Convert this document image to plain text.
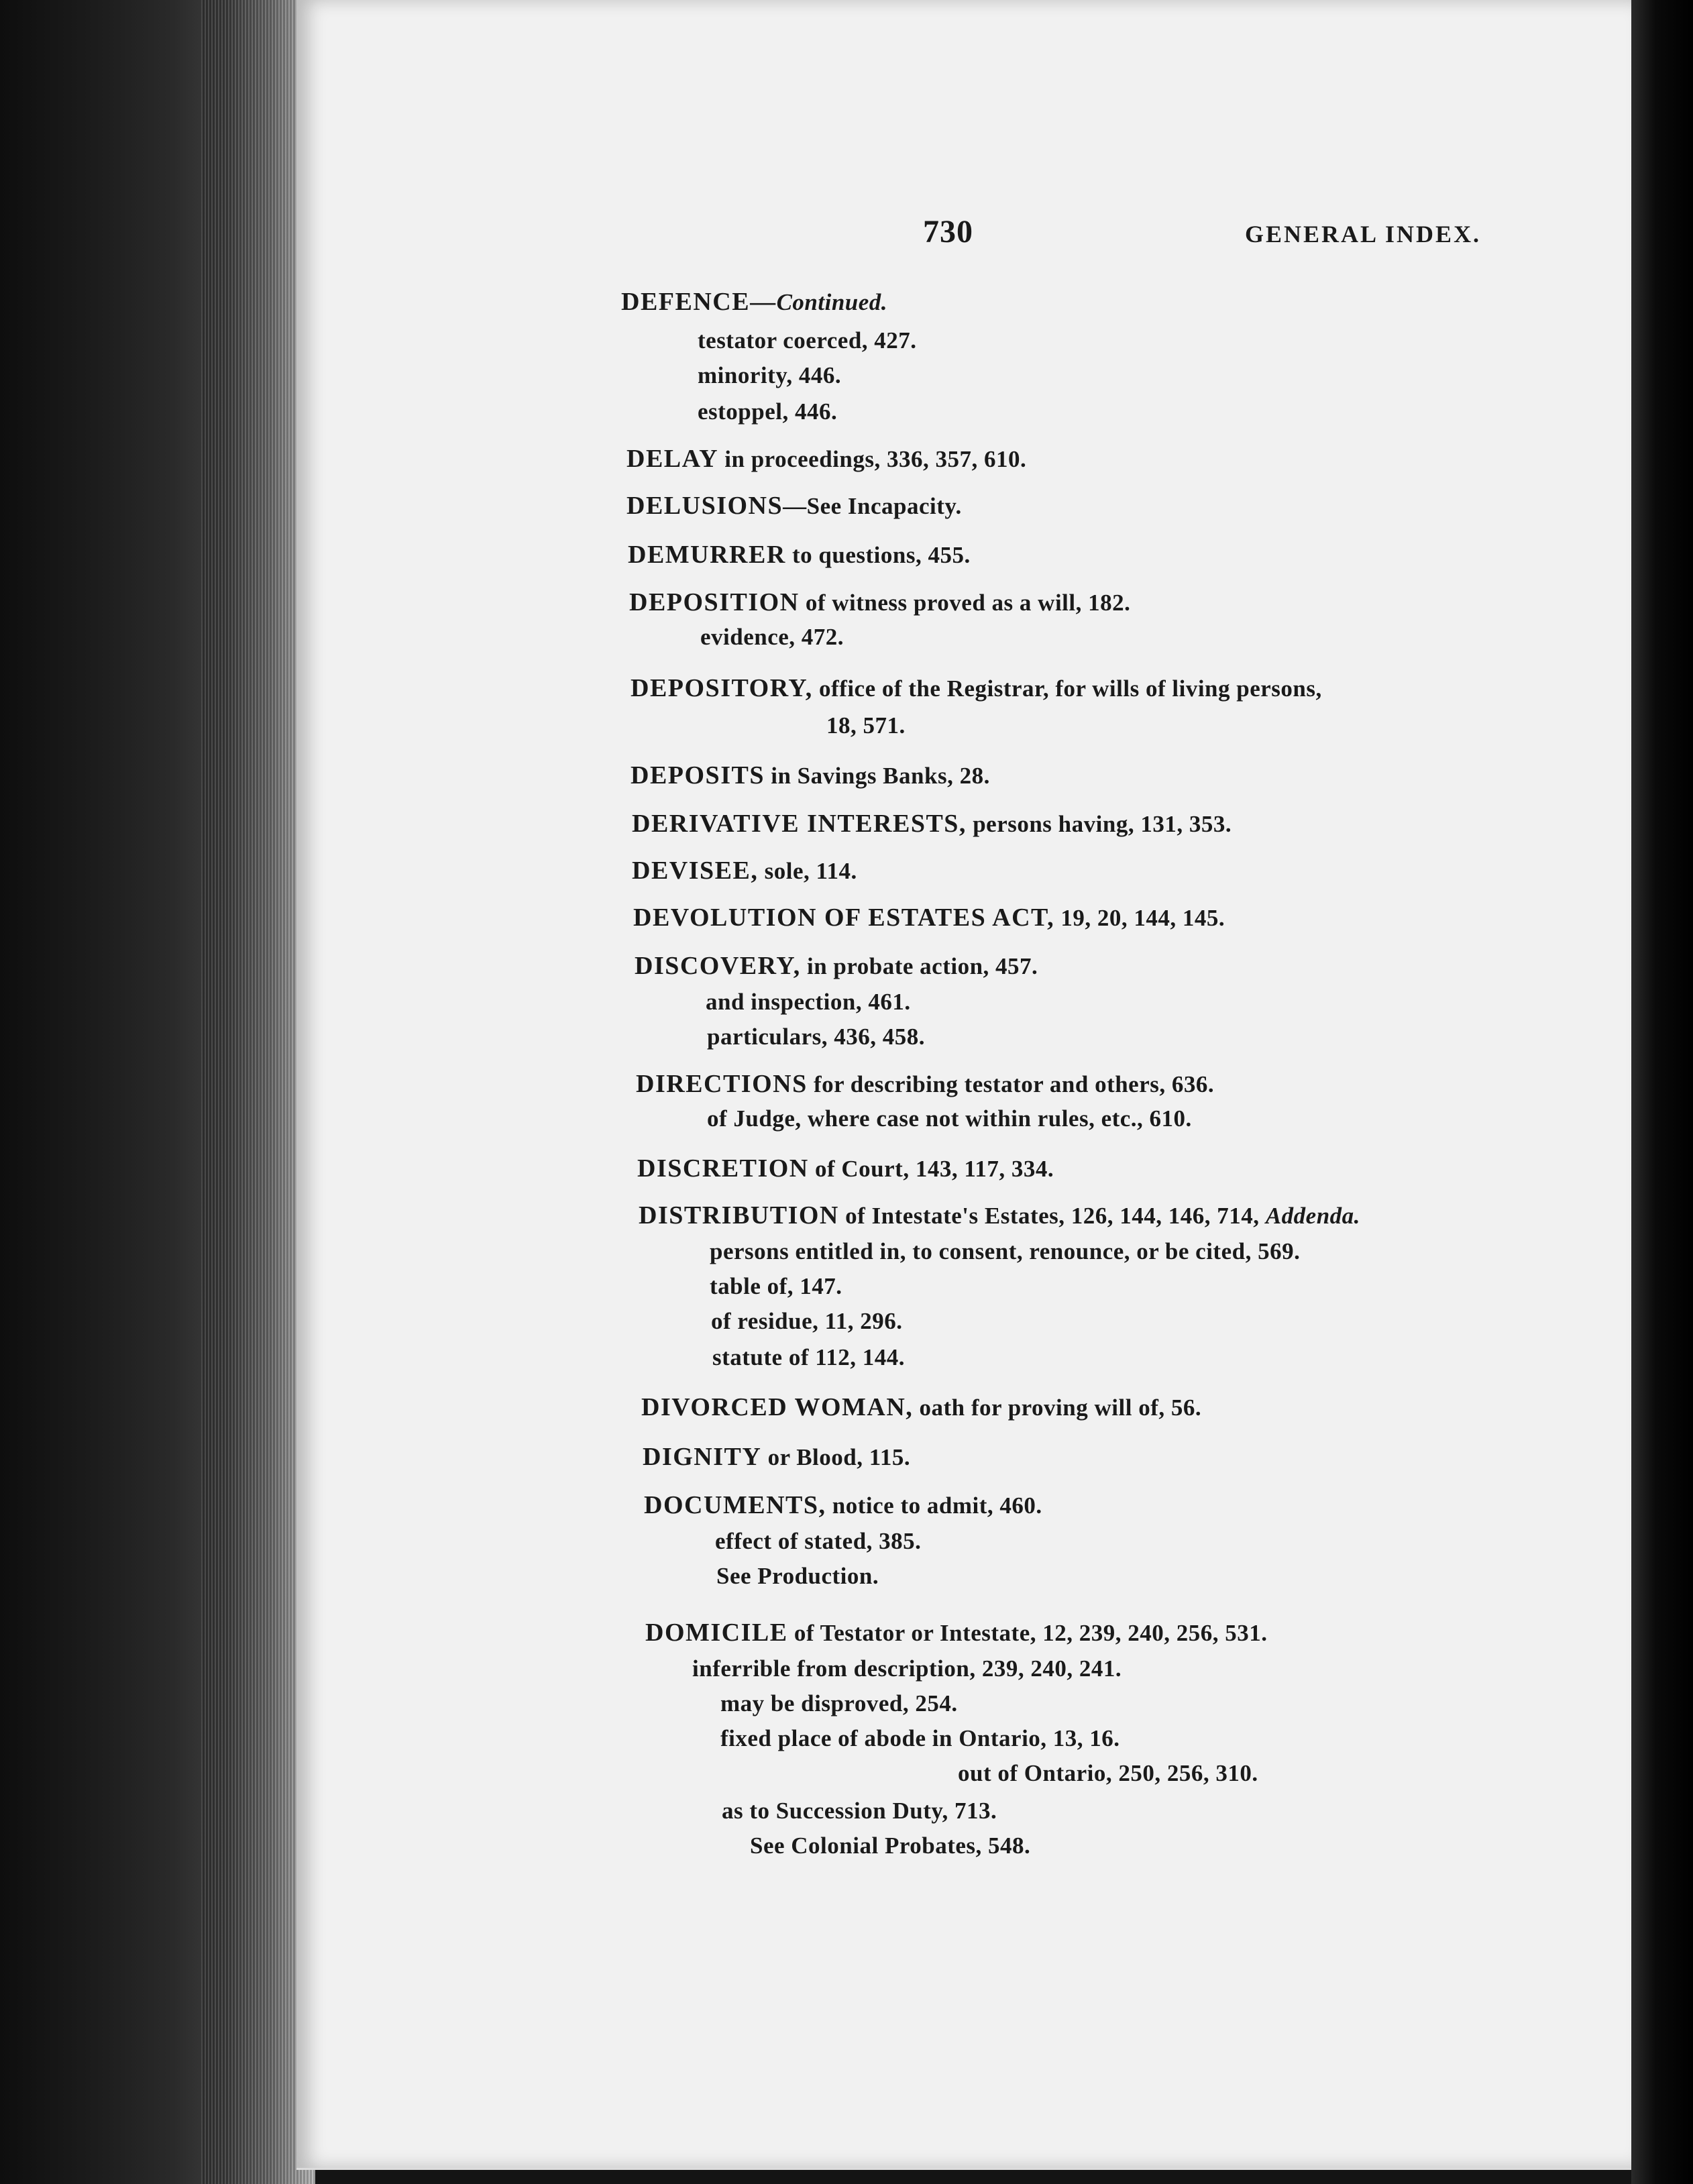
730	GENERAL INDEX.
DEFENCE—Continued.
testator coerced, 427.
minority, 446.
estoppel, 446.
DELAY in proceedings, 336, 357, 610.
DELUSIONS—See Incapacity.
DEMURRER to questions, 455.
DEPOSITION of witness proved as a will, 182.
evidence, 472.
DEPOSITORY, office of the Registrar, for wills of living persons,
18, 571.
DEPOSITS in Savings Banks, 28.
DERIVATIVE INTERESTS, persons having, 131, 353.
DEVISEE, sole, 114.
DEVOLUTION OF ESTATES ACT, 19, 20, 144, 145.
DISCOVERY, in probate action, 457.
and inspection, 461.
particulars, 436, 458.
DIRECTIONS for describing testator and others, 636.
of Judge, where case not within rules, etc., 610.
DISCRETION of Court, 143, 117, 334.
DISTRIBUTION of Intestate's Estates, 126, 144, 146, 714, Addenda.
persons entitled in, to consent, renounce, or be cited, 569.
table of, 147.
of residue, 11, 296.
statute of 112, 144.
DIVORCED WOMAN, oath for proving will of, 56.
DIGNITY or Blood, 115.
DOCUMENTS, notice to admit, 460.
effect of stated, 385.
See Production.
DOMICILE of Testator or Intestate, 12, 239, 240, 256, 531.
inferrible from description, 239, 240, 241.
may be disproved, 254.
fixed place of abode in Ontario, 13, 16.
out of Ontario, 250, 256, 310.
as to Succession Duty, 713.
See Colonial Probates, 548.
